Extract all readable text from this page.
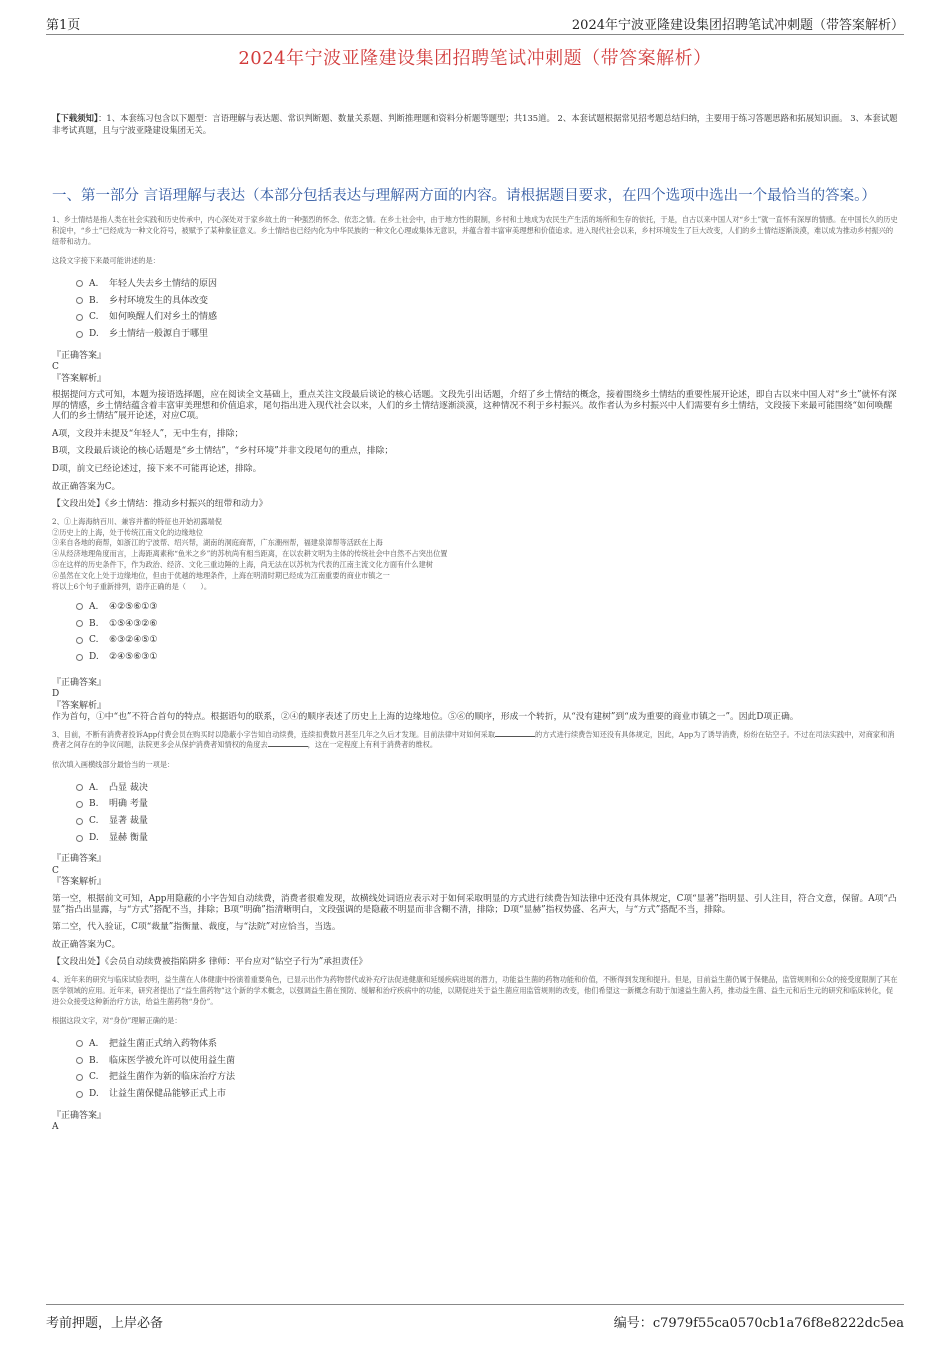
第1页	2024年宁波亚隆建设集团招聘笔试冲刺题（带答案解析）
2024年宁波亚隆建设集团招聘笔试冲刺题（带答案解析）
【下载须知】：1、本套练习包含以下题型：言语理解与表达题、常识判断题、数量关系题、判断推理题和资料分析题等题型；共135道。 2、本套试题根据常见招考题总结归纳，主要用于练习答题思路和拓展知识面。 3、本套试题非考试真题，且与宁波亚隆建设集团无关。
一、第一部分 言语理解与表达（本部分包括表达与理解两方面的内容。请根据题目要求，在四个选项中选出一个最恰当的答案。）
1、乡土情结是指人类在社会实践和历史传承中，内心深处对于家乡故土的一种强烈的怀念、依恋之情。在乡土社会中，由于地方性的限制，乡村和土地成为农民生产生活的场所和生存的依托，于是，自古以来中国人对“乡土”就一直怀有深厚的情感。在中国长久的历史积淀中，“乡土”已经成为一种文化符号，被赋予了某种象征意义。乡土情结也已经内化为中华民族的一种文化心理或集体无意识，并蕴含着丰富审美理想和价值追求。进入现代社会以来，乡村环境发生了巨大改变，人们的乡土情结逐渐淡漠，难以成为推动乡村振兴的纽带和动力。
这段文字接下来最可能讲述的是：
A.	年轻人失去乡土情结的原因
B.	乡村环境发生的具体改变
C.	如何唤醒人们对乡土的情感
D.	乡土情结一般源自于哪里
『正确答案』
C
『答案解析』
根据提问方式可知，本题为接语选择题，应在阅读全文基础上，重点关注文段最后谈论的核心话题。文段先引出话题，介绍了乡土情结的概念，接着围绕乡土情结的重要性展开论述，即自古以来中国人对“乡土”就怀有深厚的情感，乡土情结蕴含着丰富审美理想和价值追求，尾句指出进入现代社会以来，人们的乡土情结逐渐淡漠，这种情况不利于乡村振兴。故作者认为乡村振兴中人们需要有乡土情结，文段接下来最可能围绕“如何唤醒人们的乡土情结”展开论述，对应C项。
A项，文段并未提及“年轻人”，无中生有，排除；
B项，文段最后谈论的核心话题是“乡土情结”，“乡村环境”并非文段尾句的重点，排除；
D项，前文已经论述过，接下来不可能再论述，排除。
故正确答案为C。
【文段出处】《乡土情结：推动乡村振兴的纽带和动力》
2、①上海海纳百川、兼容并蓄的特征也开始初露端倪
②历史上的上海，处于传统江南文化的边缘地位
③来自各地的商帮，如浙江的宁波帮、绍兴帮，湖南的洞庭商帮，广东潮州帮，福建泉漳帮等活跃在上海
④从经济地理角度而言，上海距离素称“鱼米之乡”的苏杭尚有相当距离，在以农耕文明为主体的传统社会中自然不占突出位置
⑤在这样的历史条件下，作为政治、经济、文化三重边陲的上海，尚无法在以苏杭为代表的江南主流文化方面有什么建树
⑥虽然在文化上处于边缘地位，但由于优越的地理条件，上海在明清时期已经成为江南重要的商业市镇之一
将以上6个句子重新排列，语序正确的是（　　）。
A.	④②⑤⑥①③
B.	①⑤④③②⑥
C.	⑥③②④⑤①
D.	②④⑤⑥③①
『正确答案』
D
『答案解析』
作为首句，①中“也”不符合首句的特点。根据语句的联系，②④的顺序表述了历史上上海的边缘地位。⑤⑥的顺序，形成一个转折，从“没有建树”到“成为重要的商业市镇之一”。因此D项正确。
3、目前，不断有消费者投诉App付费会员在购买时以隐蔽小字告知自动续费，连续扣费数月甚至几年之久后才发现。目前法律中对如何采取	的方式进行续费告知还没有具体规定，因此，App为了诱导消费，纷纷在钻空子。不过在司法实践中，对商家和消费者之间存在的争议问题，法院更多会从保护消费者知情权的角度去	，这在一定程度上有利于消费者的维权。
依次填入画横线部分最恰当的一项是：
A.	凸显 裁决
B.	明确 考量
C.	显著 裁量
D.	显赫 衡量
『正确答案』
C
『答案解析』
第一空，根据前文可知，App用隐蔽的小字告知自动续费，消费者很难发现，故横线处词语应表示对于如何采取明显的方式进行续费告知法律中还没有具体规定，C项“显著”指明显、引人注目，符合文意，保留。A项“凸显”指凸出显露，与“方式”搭配不当，排除；B项“明确”指清晰明白，文段强调的是隐蔽不明显而非含糊不清，排除；D项“显赫”指权势盛、名声大，与“方式”搭配不当，排除。
第二空，代入验证，C项“裁量”指衡量、裁度，与“法院”对应恰当，当选。
故正确答案为C。
【文段出处】《会员自动续费被指陷阱多 律师：平台应对“钻空子行为”承担责任》
4、近年来的研究与临床试验表明，益生菌在人体健康中扮演着重要角色，已显示出作为药物替代或补充疗法促进健康和延缓疾病进展的潜力，功能益生菌的药物功能和价值，不断得到发现和提升。但是，目前益生菌仍属于保健品，监管规则和公众的接受度限制了其在医学领域的应用。近年来，研究者提出了“益生菌药物”这个新的学术概念，以强调益生菌在预防、缓解和治疗疾病中的功能，以期促进关于益生菌应用监管规则的改变，他们希望这一新概念有助于加速益生菌入药，推动益生菌、益生元和后生元的研究和临床转化，促进公众接受这种新治疗方法，给益生菌药物“身份”。
根据这段文字，对“身份”理解正确的是：
A.	把益生菌正式纳入药物体系
B.	临床医学被允许可以使用益生菌
C.	把益生菌作为新的临床治疗方法
D.	让益生菌保健品能够正式上市
『正确答案』
A
考前押题，上岸必备	编号：c7979f55ca0570cb1a76f8e8222dc5ea
